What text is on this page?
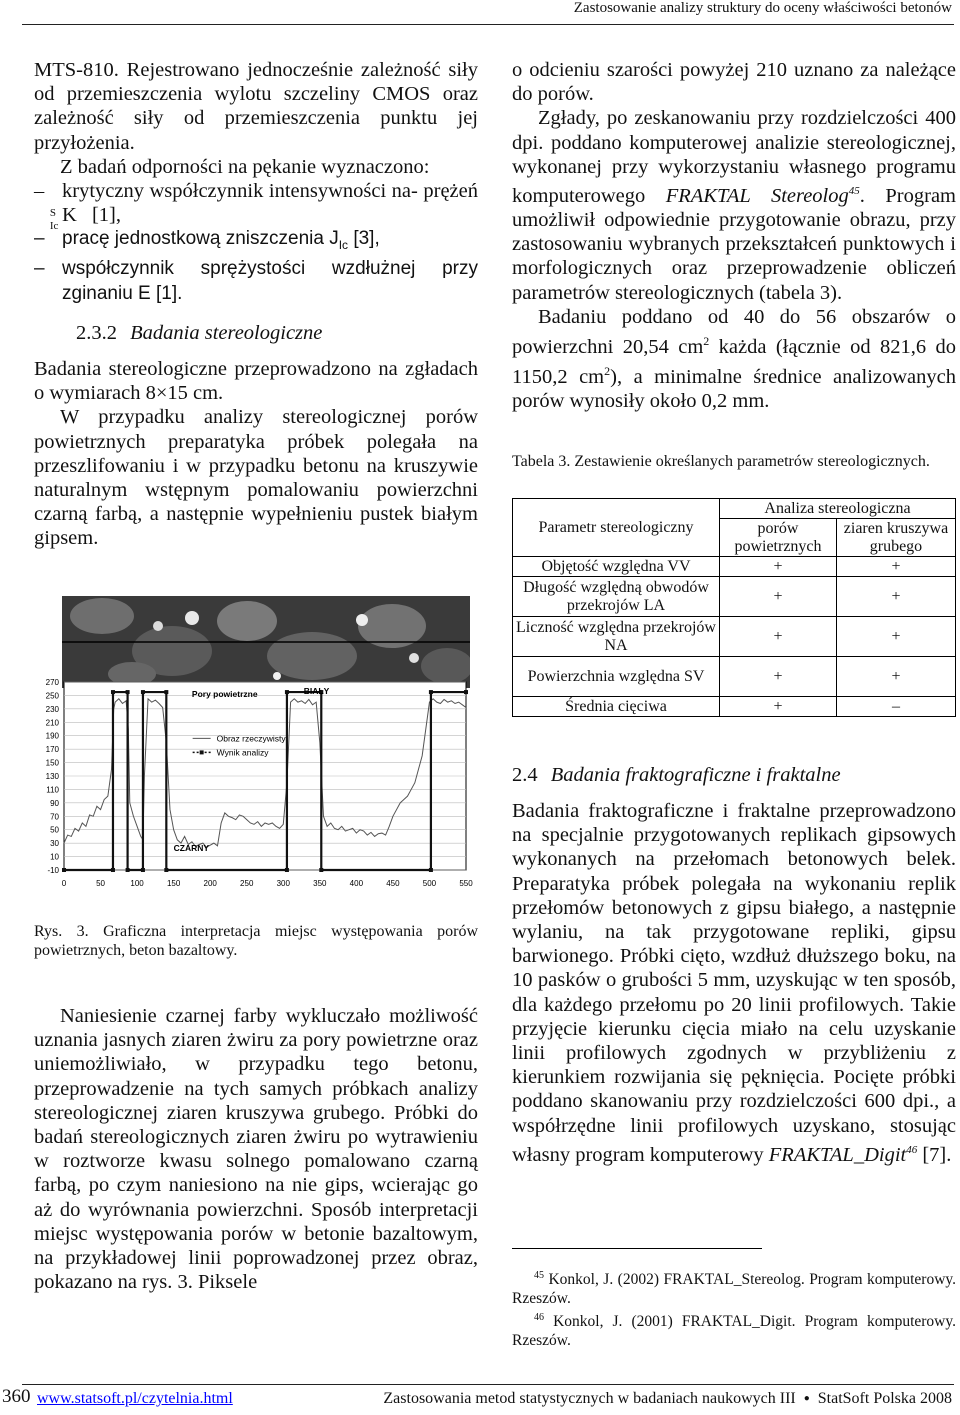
Zastosowanie analizy struktury do oceny właściwości betonów

MTS-810. Rejestrowano jednocześnie zależność siły od przemieszczenia wylotu szczeliny CMOS oraz zależność siły od przemieszczenia punktu jej przyłożenia.

Z badań odporności na pękanie wyznaczono:

– krytyczny współczynnik intensywności na- prężeń K
S
Ic	[1],

– pracę jednostkową zniszczenia $J_{Ic}$ [3],

– współczynnik sprężystości wzdłużnej przy zginaniu E [1].

2.3.2 Badania stereologiczne

Badania stereologiczne przeprowadzono na zgładach o wymiarach 8×15 cm.

W przypadku analizy stereologicznej porów powietrznych preparatyka próbek polegała na przeszlifowaniu i w przypadku betonu na kruszywie naturalnym wstępnym pomalowaniu powierzchni czarną farbą, a następnie wypełnieniu pustek białym gipsem.

270
250
230
210
190
170
150
130
110
90
70
50
30
10
-10
0	50	100	150	200	250	300	350	400	450	500	550
Obraz rzeczywisty
Wynik analizy
Pory powietrzne	BIAŁY
CZARNY
Rys. 3. Graficzna interpretacja miejsc występowania porów powietrznych, beton bazaltowy.

Naniesienie czarnej farby wykluczało możliwość uznania jasnych ziaren żwiru za pory powietrzne oraz uniemożliwiało, w przypadku tego betonu, przeprowadzenie na tych samych próbkach analizy stereologicznej ziaren kruszywa grubego. Próbki do badań stereologicznych ziaren żwiru po wytrawieniu w roztworze kwasu solnego pomalowano czarną farbą, po czym naniesiono na nie gips, wcierając go aż do wyrównania powierzchni. Sposób interpretacji miejsc występowania porów w betonie bazaltowym, na przykładowej linii poprowadzonej przez obraz, pokazano na rys. 3. Piksele

o odcieniu szarości powyżej 210 uznano za należące do porów.

Zgłady, po zeskanowaniu przy rozdzielczości 400 dpi. poddano komputerowej analizie stereologicznej, wykonanej przy wykorzystaniu własnego programu komputerowego FRAKTAL Stereolog$^{45}$. Program umożliwił odpowiednie przygotowanie obrazu, przy zastosowaniu wybranych przekształceń punktowych i morfologicznych oraz przeprowadzenie obliczeń parametrów stereologicznych (tabela 3).

Badaniu poddano od 40 do 56 obszarów o powierzchni 20,54 $cm^2$ każda (łącznie od 821,6 do 1150,2 $cm^2$), a minimalne średnice analizowanych porów wynosiły około 0,2 mm.

Tabela 3. Zestawienie określanych parametrów stereologicznych.
Parametr stereologiczny	Analiza stereologiczna	
	porów powietrznych	ziaren kruszywa grubego
Objętość względna VV	+	+
Długość względną obwodów przekrojów LA	+	+
Liczność względna przekrojów NA	+	+
Powierzchnia względna SV	+	+
Średnia cięciwa	+	–
2.4 Badania fraktograficzne i fraktalne

Badania fraktograficzne i fraktalne przeprowadzono na specjalnie przygotowanych replikach gipsowych wykonanych na przełomach betonowych belek. Preparatyka próbek polegała na wykonaniu replik przełomów betonowych z gipsu białego, a następnie wylaniu, na tak przygotowane repliki, gipsu barwionego. Próbki cięto, wzdłuż dłuższego boku, na 10 pasków o grubości 5 mm, uzyskując w ten sposób, dla każdego przełomu po 20 linii profilowych. Takie przyjęcie kierunku cięcia miało na celu uzyskanie linii profilowych zgodnych w przybliżeniu z kierunkiem rozwijania się pęknięcia. Pocięte próbki poddano skanowaniu przy rozdzielczości 600 dpi., a współrzędne linii profilowych uzyskano, stosując własny program komputerowy FRAKTAL_Digit$^{46}$ [7].

$^{45}$ Konkol, J. (2002) FRAKTAL_Stereolog. Program komputerowy. Rzeszów.
$^{46}$ Konkol, J. (2001) FRAKTAL_Digit. Program komputerowy. Rzeszów.
360 www.statsoft.pl/czytelnia.html	Zastosowania metod statystycznych w badaniach naukowych III ● StatSoft Polska 2008
